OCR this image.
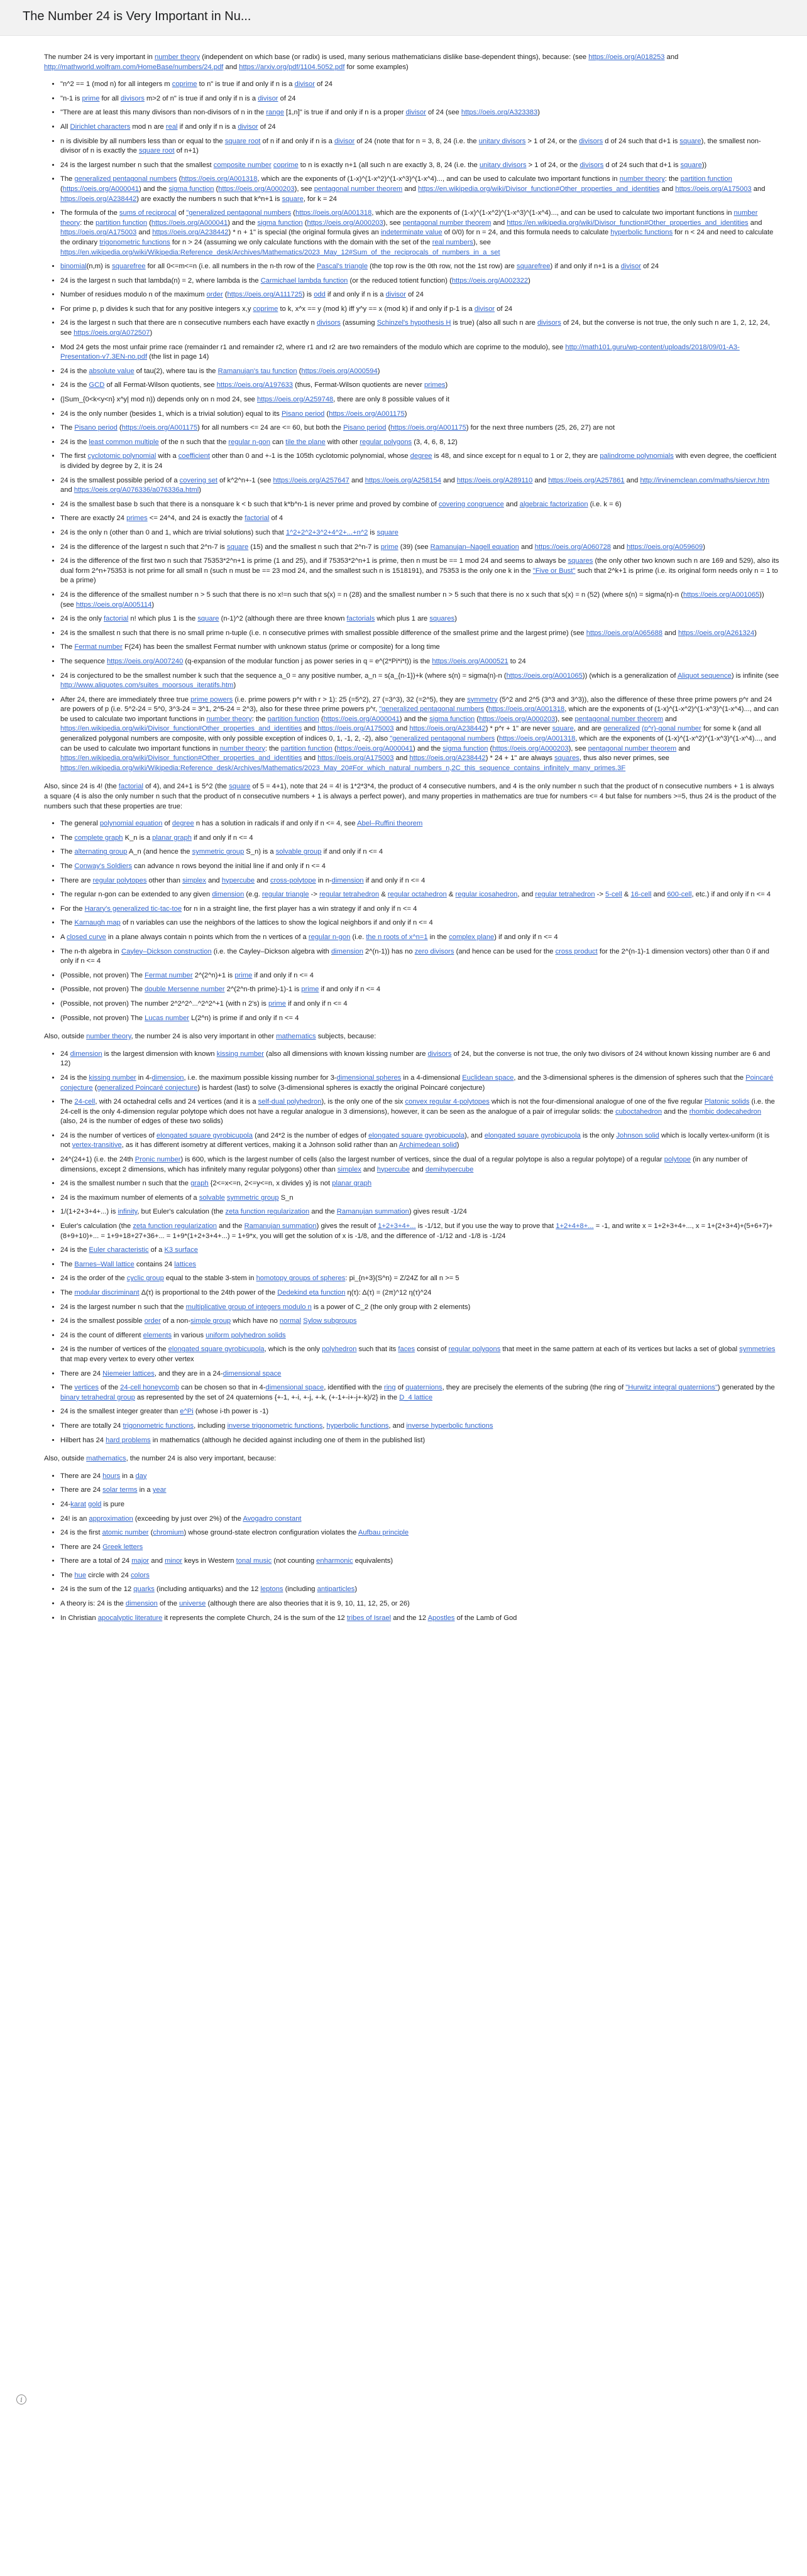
The Number 24 is Very Important in Nu...

The number 24 is very important in number theory (independent on which base (or radix) is used, many serious mathematicians dislike base-dependent things), because: (see https://oeis.org/A018253 and http://mathworld.wolfram.com/HomeBase/numbers/24.pdf and https://arxiv.org/pdf/1104.5052.pdf for some examples)

• "n^2 == 1 (mod n) for all integers m coprime to n" is true if and only if n is a divisor of 24
• "n-1 is prime for all divisors m>2 of n" is true if and only if n is a divisor of 24
• "There are at least this many divisors than non-divisors of n in the range [1,n]" is true if and only if n is a proper divisor of 24 (see https://oeis.org/A323383)
• All Dirichlet characters mod n are real if and only if n is a divisor of 24
• n is divisible by all numbers less than or equal to the square root of n if and only if n is a divisor of 24 (note that for n = 3, 8, 24 (i.e. the unitary divisors > 1 of 24, or the divisors d of 24 such that d+1 is square), the smallest non-divisor of n is exactly the square root of n+1)
• 24 is the largest number n such that the smallest composite number coprime to n is exactly n+1 (all such n are exactly 3, 8, 24 (i.e. the unitary divisors > 1 of 24, or the divisors d of 24 such that d+1 is square))
• The generalized pentagonal numbers (https://oeis.org/A001318, which are the exponents of (1-x)^(1-x^2)^(1-x^3)^(1-x^4)..., and can be used to calculate two important functions in number theory: the partition function (https://oeis.org/A000041) and the sigma function (https://oeis.org/A000203), see pentagonal number theorem and https://en.wikipedia.org/wiki/Divisor_function#Other_properties_and_identities and https://oeis.org/A175003 and https://oeis.org/A238442) are exactly the numbers n such that k^n+1 is square, for k = 24
• The formula of the sums of reciprocal of "generalized pentagonal numbers (https://oeis.org/A001318, which are the exponents of (1-x)^(1-x^2)^(1-x^3)^(1-x^4)..., and can be used to calculate two important functions in number theory: the partition function (https://oeis.org/A000041) and the sigma function (https://oeis.org/A000203), see pentagonal number theorem and https://en.wikipedia.org/wiki/Divisor_function#Other_properties_and_identities and https://oeis.org/A175003 and https://oeis.org/A238442) * n + 1" is special (the original formula gives an indeterminate value of 0/0) for n = 24, and this formula needs to calculate hyperbolic functions for n < 24 and need to calculate the ordinary trigonometric functions for n > 24 (assuming we only calculate functions with the domain with the set of the real numbers), see https://en.wikipedia.org/wiki/Wikipedia:Reference_desk/Archives/Mathematics/2023_May_12#Sum_of_the_reciprocals_of_numbers_in_a_set
• binomial(n,m) is squarefree for all 0<=m<=n (i.e. all numbers in the n-th row of the Pascal's triangle (the top row is the 0th row, not the 1st row) are squarefree) if and only if n+1 is a divisor of 24
• 24 is the largest n such that lambda(n) = 2, where lambda is the Carmichael lambda function (or the reduced totient function) (https://oeis.org/A002322)
• Number of residues modulo n of the maximum order (https://oeis.org/A111725) is odd if and only if n is a divisor of 24
• For prime p, p divides k such that for any positive integers x,y coprime to k, x^x == y (mod k) iff y^y == x (mod k) if and only if p-1 is a divisor of 24
• 24 is the largest n such that there are n consecutive numbers each have exactly n divisors (assuming Schinzel's hypothesis H is true) (also all such n are divisors of 24, but the converse is not true, the only such n are 1, 2, 12, 24, see https://oeis.org/A072507)
• Mod 24 gets the most unfair prime race (remainder r1 and remainder r2, where r1 and r2 are two remainders of the modulo which are coprime to the modulo), see http://math101.guru/wp-content/uploads/2018/09/01-A3-Presentation-v7.3EN-no.pdf (the list in page 14)
• 24 is the absolute value of tau(2), where tau is the Ramanujan's tau function (https://oeis.org/A000594)
• 24 is the GCD of all Fermat-Wilson quotients, see https://oeis.org/A197633 (thus, Fermat-Wilson quotients are never primes)
• (|Sum_{0<k<y<n} x^y| mod n)) depends only on n mod 24, see https://oeis.org/A259748, there are only 8 possible values of it
• 24 is the only number (besides 1, which is a trivial solution) equal to its Pisano period (https://oeis.org/A001175)
• The Pisano period (https://oeis.org/A001175) for all numbers <= 24 are <= 60, but both the Pisano period (https://oeis.org/A001175) for the next three numbers (25, 26, 27) are not
• 24 is the least common multiple of the n such that the regular n-gon can tile the plane with other regular polygons (3, 4, 6, 8, 12)
• The first cyclotomic polynomial with a coefficient other than 0 and +-1 is the 105th cyclotomic polynomial, whose degree is 48, and since except for n equal to 1 or 2, they are palindrome polynomials with even degree, the coefficient is divided by degree by 2, it is 24
• 24 is the smallest possible period of a covering set of k^2^n+-1 (see https://oeis.org/A257647 and https://oeis.org/A258154 and https://oeis.org/A289110 and https://oeis.org/A257861 and http://irvinemclean.com/maths/siercvr.htm and https://oeis.org/A076336/a076336a.html)
• 24 is the smallest base b such that there is a nonsquare k < b such that k*b^n-1 is never prime and proved by combine of covering congruence and algebraic factorization (i.e. k = 6)
• There are exactly 24 primes <= 24^4, and 24 is exactly the factorial of 4
• 24 is the only n (other than 0 and 1, which are trivial solutions) such that 1^2+2^2+3^2+4^2+...+n^2 is square
• 24 is the difference of the largest n such that 2^n-7 is square (15) and the smallest n such that 2^n-7 is prime (39) (see Ramanujan–Nagell equation and https://oeis.org/A060728 and https://oeis.org/A059609)
• 24 is the difference of the first two n such that 75353*2^n+1 is prime (1 and 25), and if 75353*2^n+1 is prime, then n must be == 1 mod 24 and seems to always be squares (the only other two known such n are 169 and 529), also its dual form 2^n+75353 is not prime for all small n (such n must be == 23 mod 24, and the smallest such n is 1518191), and 75353 is the only one k in the "Five or Bust" such that 2^k+1 is prime (i.e. its original form needs only n = 1 to be a prime)
• 24 is the difference of the smallest number n > 5 such that there is no x!=n such that s(x) = n (28) and the smallest number n > 5 such that there is no x such that s(x) = n (52) (where s(n) = sigma(n)-n (https://oeis.org/A001065)) (see https://oeis.org/A005114)
• 24 is the only factorial n! which plus 1 is the square (n-1)^2 (although there are three known factorials which plus 1 are squares)
• 24 is the smallest n such that there is no small prime n-tuple (i.e. n consecutive primes with smallest possible difference of the smallest prime and the largest prime) (see https://oeis.org/A065688 and https://oeis.org/A261324)
• The Fermat number F(24) has been the smallest Fermat number with unknown status (prime or composite) for a long time
• The sequence https://oeis.org/A007240 (q-expansion of the modular function j as power series in q = e^(2*Pi*i*t)) is the https://oeis.org/A000521 to 24
• 24 is conjectured to be the smallest number k such that the sequence a_0 = any positive number, a_n = s(a_{n-1})+k (where s(n) = sigma(n)-n (https://oeis.org/A001065)) (which is a generalization of Aliquot sequence) is infinite (see http://www.aliquotes.com/suites_moorsous_iteratifs.htm)
• After 24, there are immediately three true prime powers (i.e. prime powers p^r with r > 1): 25 (=5^2), 27 (=3^3), 32 (=2^5), they are symmetry (5^2 and 2^5 (3^3 and 3^3)), also the difference of these three prime powers p^r and 24 are powers of p (i.e. 5^2-24 = 5^0, 3^3-24 = 3^1, 2^5-24 = 2^3), also for these three prime powers p^r, "generalized pentagonal numbers (https://oeis.org/A001318, which are the exponents of (1-x)^(1-x^2)^(1-x^3)^(1-x^4)..., and can be used to calculate two important functions in number theory: the partition function (https://oeis.org/A000041) and the sigma function (https://oeis.org/A000203), see pentagonal number theorem and https://en.wikipedia.org/wiki/Divisor_function#Other_properties_and_identities and https://oeis.org/A175003 and https://oeis.org/A238442) * p^r + 1" are never square, and are generalized (p^r)-gonal number for some k (and all generalized polygonal numbers are composite, with only possible exception of indices 0, 1, -1, 2, -2), also "generalized pentagonal numbers (https://oeis.org/A001318, which are the exponents of (1-x)^(1-x^2)^(1-x^3)^(1-x^4)..., and can be used to calculate two important functions in number theory: the partition function (https://oeis.org/A000041) and the sigma function (https://oeis.org/A000203), see pentagonal number theorem and https://en.wikipedia.org/wiki/Divisor_function#Other_properties_and_identities and https://oeis.org/A175003 and https://oeis.org/A238442) * 24 + 1" are always squares, thus also never primes, see https://en.wikipedia.org/wiki/Wikipedia:Reference_desk/Archives/Mathematics/2023_May_20#For_which_natural_numbers_n,2C_this_sequence_contains_infinitely_many_primes.3F

Also, since 24 is 4! (the factorial of 4), and 24+1 is 5^2 (the square of 5 = 4+1), note that 24 = 4! is 1*2*3*4, the product of 4 consecutive numbers, and 4 is the only number n such that the product of n consecutive numbers + 1 is always a square (4 is also the only number n such that the product of n consecutive numbers + 1 is always a perfect power), and many properties in mathematics are true for numbers <= 4 but false for numbers >=5, thus 24 is the product of the numbers such that these properties are true:

• The general polynomial equation of degree n has a solution in radicals if and only if n <= 4, see Abel–Ruffini theorem
• The complete graph K_n is a planar graph if and only if n <= 4
• The alternating group A_n (and hence the symmetric group S_n) is a solvable group if and only if n <= 4
• The Conway's Soldiers can advance n rows beyond the initial line if and only if n <= 4
• There are regular polytopes other than simplex and hypercube and cross-polytope in n-dimension if and only if n <= 4
• The regular n-gon can be extended to any given dimension (e.g. regular triangle -> regular tetrahedron & regular octahedron & regular icosahedron, and regular tetrahedron -> 5-cell & 16-cell and 600-cell, etc.) if and only if n <= 4
• For the Harary's generalized tic-tac-toe for n in a straight line, the first player has a win strategy if and only if n <= 4
• The Karnaugh map of n variables can use the neighbors of the lattices to show the logical neighbors if and only if n <= 4
• A closed curve in a plane always contain n points which from the n vertices of a regular n-gon (i.e. the n roots of x^n=1 in the complex plane) if and only if n <= 4
• The n-th algebra in Cayley–Dickson construction (i.e. the Cayley–Dickson algebra with dimension 2^(n-1)) has no zero divisors (and hence can be used for the cross product for the 2^(n-1)-1 dimension vectors) other than 0 if and only if n <= 4
• (Possible, not proven) The Fermat number 2^(2^n)+1 is prime if and only if n <= 4
• (Possible, not proven) The double Mersenne number 2^(2^n-th prime)-1)-1 is prime if and only if n <= 4
• (Possible, not proven) The number 2^2^2^...^2^2^+1 (with n 2's) is prime if and only if n <= 4
• (Possible, not proven) The Lucas number L(2^n) is prime if and only if n <= 4

Also, outside number theory, the number 24 is also very important in other mathematics subjects, because:

• 24 dimension is the largest dimension with known kissing number (also all dimensions with known kissing number are divisors of 24, but the converse is not true, the only two divisors of 24 without known kissing number are 6 and 12)
• 24 is the kissing number in 4-dimension, i.e. the maximum possible kissing number for 3-dimensional spheres in a 4-dimensional Euclidean space, and the 3-dimensional spheres is the dimension of spheres such that the Poincaré conjecture (generalized Poincaré conjecture) is hardest (last) to solve (3-dimensional spheres is exactly the original Poincaré conjecture)
• The 24-cell, with 24 octahedral cells and 24 vertices (and it is a self-dual polyhedron), is the only one of the six convex regular 4-polytopes which is not the four-dimensional analogue of one of the five regular Platonic solids (i.e. the 24-cell is the only 4-dimension regular polytope which does not have a regular analogue in 3 dimensions), however, it can be seen as the analogue of a pair of irregular solids: the cuboctahedron and the rhombic dodecahedron (also, 24 is the number of edges of these two solids)
• 24 is the number of vertices of elongated square gyrobicupola (and 24*2 is the number of edges of elongated square gyrobicupola), and elongated square gyrobicupola is the only Johnson solid which is locally vertex-uniform (it is not vertex-transitive, as it has different isometry at different vertices, making it a Johnson solid rather than an Archimedean solid)
• 24^(24+1) (i.e. the 24th Pronic number) is 600, which is the largest number of cells (also the largest number of vertices, since the dual of a regular polytope is also a regular polytope) of a regular polytope (in any number of dimensions, except 2 dimensions, which has infinitely many regular polygons) other than simplex and hypercube and demihypercube
• 24 is the smallest number n such that the graph {2<=x<=n, 2<=y<=n, x divides y} is not planar graph
• 24 is the maximum number of elements of a solvable symmetric group S_n
• 1/(1+2+3+4+...) is infinity, but Euler's calculation (the zeta function regularization and the Ramanujan summation) gives result -1/24
• Euler's calculation (the zeta function regularization and the Ramanujan summation) gives the result of 1+2+3+4+... is -1/12, but if you use the way to prove that 1+2+4+8+... = -1, and write x = 1+2+3+4+..., x = 1+(2+3+4)+(5+6+7)+(8+9+10)+... = 1+9+18+27+36+... = 1+9*(1+2+3+4+...) = 1+9*x, you will get the solution of x is -1/8, and the difference of -1/12 and -1/8 is -1/24
• 24 is the Euler characteristic of a K3 surface
• The Barnes–Wall lattice contains 24 lattices
• 24 is the order of the cyclic group equal to the stable 3-stem in homotopy groups of spheres: pi_{n+3}(S^n) = Z/24Z for all n >= 5
• The modular discriminant Δ(τ) is proportional to the 24th power of the Dedekind eta function η(τ): Δ(τ) = (2π)^12 η(τ)^24
• 24 is the largest number n such that the multiplicative group of integers modulo n is a power of C_2 (the only group with 2 elements)
• 24 is the smallest possible order of a non-simple group which have no normal Sylow subgroups
• 24 is the count of different elements in various uniform polyhedron solids
• 24 is the number of vertices of the elongated square gyrobicupola, which is the only polyhedron such that its faces consist of regular polygons that meet in the same pattern at each of its vertices but lacks a set of global symmetries that map every vertex to every other vertex
• There are 24 Niemeier lattices, and they are in a 24-dimensional space
• The vertices of the 24-cell honeycomb can be chosen so that in 4-dimensional space, identified with the ring of quaternions, they are precisely the elements of the subring (the ring of "Hurwitz integral quaternions") generated by the binary tetrahedral group as represented by the set of 24 quaternions {+-1, +-i, +-j, +-k, (+-1+-i+-j+-k)/2} in the D_4 lattice
• 24 is the smallest integer greater than e^Pi (whose i-th power is -1)
• There are totally 24 trigonometric functions, including inverse trigonometric functions, hyperbolic functions, and inverse hyperbolic functions
• Hilbert has 24 hard problems in mathematics (although he decided against including one of them in the published list)

Also, outside mathematics, the number 24 is also very important, because:

• There are 24 hours in a day
• There are 24 solar terms in a year
• 24-karat gold is pure
• 24! is an approximation (exceeding by just over 2%) of the Avogadro constant
• 24 is the first atomic number (chromium) whose ground-state electron configuration violates the Aufbau principle
• There are 24 Greek letters
• There are a total of 24 major and minor keys in Western tonal music (not counting enharmonic equivalents)
• The hue circle with 24 colors
• 24 is the sum of the 12 quarks (including antiquarks) and the 12 leptons (including antiparticles)
• A theory is: 24 is the dimension of the universe (although there are also theories that it is 9, 10, 11, 12, 25, or 26)
• In Christian apocalyptic literature it represents the complete Church, 24 is the sum of the 12 tribes of Israel and the 12 Apostles of the Lamb of God
i
